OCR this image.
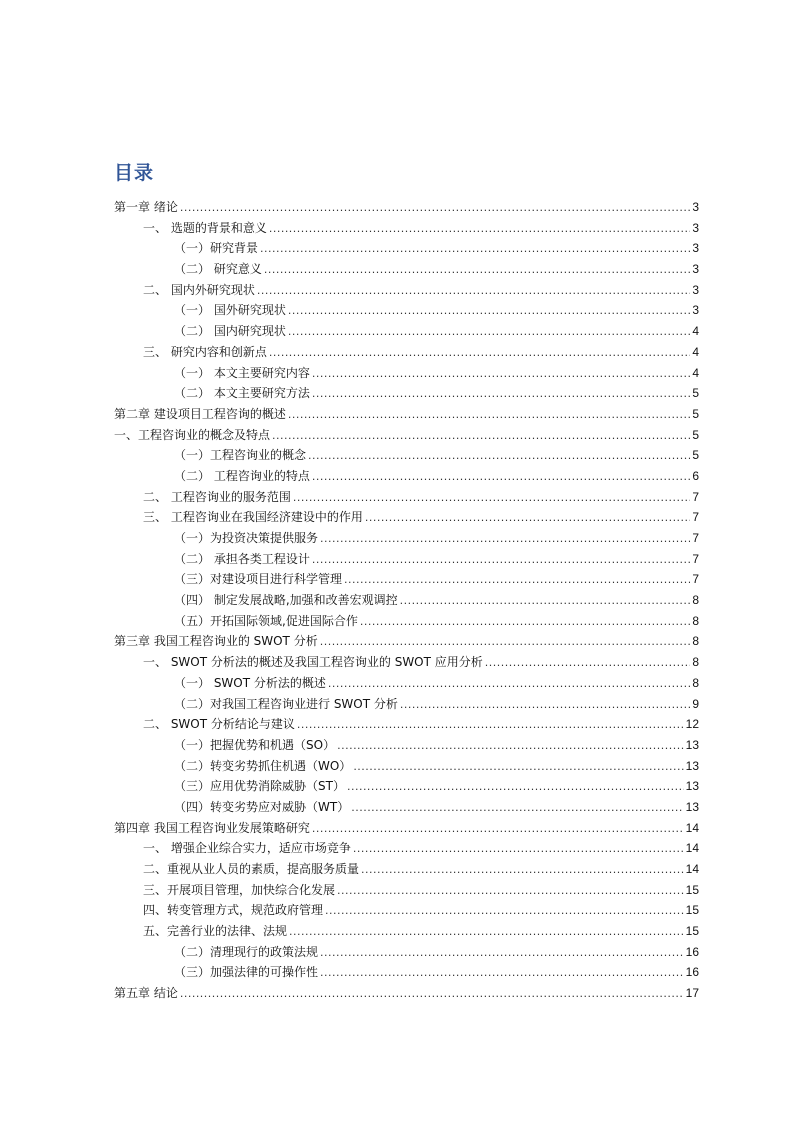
目录
第一章 绪论 .....	3
一、 选题的背景和意义 .....	3
（一）研究背景 .....	3
（二） 研究意义 .....	3
二、 国内外研究现状 .....	3
（一） 国外研究现状 .....	3
（二） 国内研究现状 .....	4
三、 研究内容和创新点 .....	4
（一） 本文主要研究内容 .....	4
（二） 本文主要研究方法 .....	5
第二章 建设项目工程咨询的概述 .....	5
一、工程咨询业的概念及特点 .....	5
（一）工程咨询业的概念 .....	5
（二） 工程咨询业的特点 .....	6
二、 工程咨询业的服务范围 .....	7
三、 工程咨询业在我国经济建设中的作用 .....	7
（一）为投资决策提供服务 .....	7
（二） 承担各类工程设计 .....	7
（三）对建设项目进行科学管理 .....	7
（四） 制定发展战略,加强和改善宏观调控 .....	8
（五）开拓国际领域,促进国际合作 .....	8
第三章 我国工程咨询业的 SWOT 分析 .....	8
一、 SWOT 分析法的概述及我国工程咨询业的 SWOT 应用分析 .....	8
（一） SWOT 分析法的概述 .....	8
（二）对我国工程咨询业进行 SWOT 分析 .....	9
二、 SWOT 分析结论与建议 .....	12
（一）把握优势和机遇（SO） .....	13
（二）转变劣势抓住机遇（WO） .....	13
（三）应用优势消除威胁（ST） .....	13
（四）转变劣势应对威胁（WT） .....	13
第四章 我国工程咨询业发展策略研究 .....	14
一、 增强企业综合实力，适应市场竞争 .....	14
二、重视从业人员的素质，提高服务质量 .....	14
三、开展项目管理，加快综合化发展 .....	15
四、转变管理方式，规范政府管理 .....	15
五、完善行业的法律、法规 .....	15
（二）清理现行的政策法规 .....	16
（三）加强法律的可操作性 .....	16
第五章 结论 .....	17
